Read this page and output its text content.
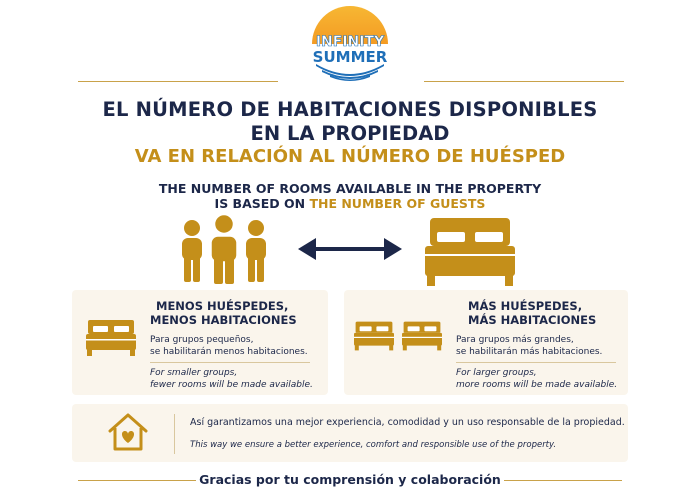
INFINITY
SUMMER
EL NÚMERO DE HABITACIONES DISPONIBLES
EN LA PROPIEDAD
VA EN RELACIÓN AL NÚMERO DE HUÉSPED
THE NUMBER OF ROOMS AVAILABLE IN THE PROPERTY
IS BASED ON THE NUMBER OF GUESTS
MENOS HUÉSPEDES,
MENOS HABITACIONES
Para grupos pequeños,
se habilitarán menos habitaciones.
For smaller groups,
fewer rooms will be made available.
MÁS HUÉSPEDES,
MÁS HABITACIONES
Para grupos más grandes,
se habilitarán más habitaciones.
For larger groups,
more rooms will be made available.
Así garantizamos una mejor experiencia, comodidad y un uso responsable de la propiedad.
This way we ensure a better experience, comfort and responsible use of the property.
Gracias por tu comprensión y colaboración
